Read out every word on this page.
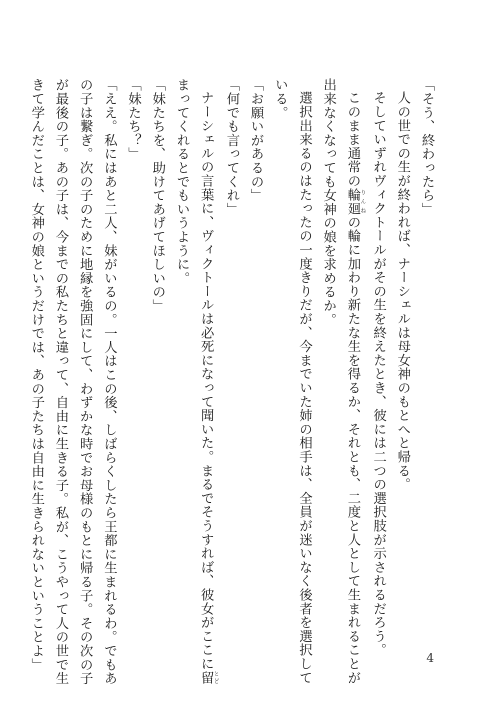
「そう、終わったら」
人の世での生が終われば、ナーシェルは母女神のもとへと帰る。
そしていずれヴィクトールがその生を終えたとき、彼には二つの選択肢が示されるだろう。
このまま通常の輪廻 りんねの輪に加わり新たな生を得るか、それとも、二度と人として生まれることが
出来なくなっても女神の娘を求めるか。
選択出来るのはたったの一度きりだが、今までいた姉の相手は、全員が迷いなく後者を選択して
いる。
「お願いがあるの」
「何でも言ってくれ」
ナーシェルの言葉に、ヴィクトールは必死になって聞いた。まるでそうすれば、彼女がここに留 とど
まってくれるとでもいうように。
「妹たちを、助けてあげてほしいの」
「妹たち？」
「ええ。私にはあと二人、妹がいるの。一人はこの後、しばらくしたら王都に生まれるわ。でもあ
の子は繋ぎ。次の子のために地縁を強固にして、わずかな時でお母様のもとに帰る子。その次の子
が最後の子。あの子は、今までの私たちと違って、自由に生きる子。私が、こうやって人の世で生
きて学んだことは、女神の娘というだけでは、あの子たちは自由に生きられないということよ」	4
